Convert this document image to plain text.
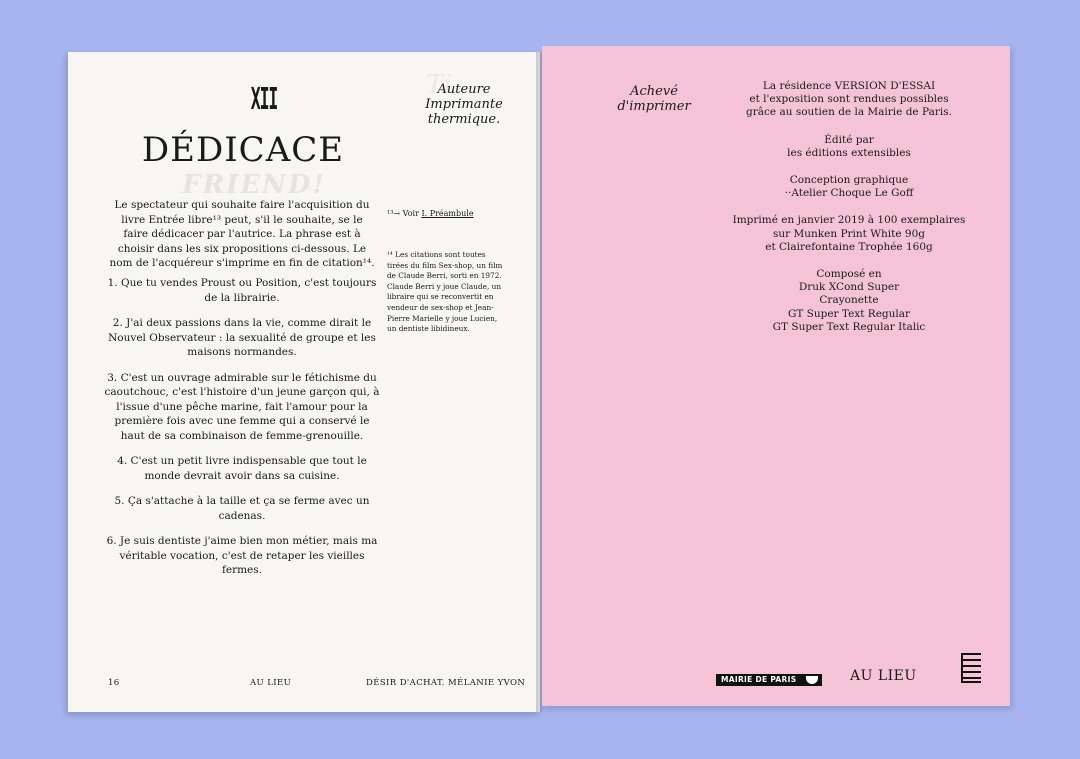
Ti
FRIEND!
XII
DÉDICACE
Auteure
Imprimante
thermique.
Le spectateur qui souhaite faire l'acquisition du livre Entrée libre¹³ peut, s'il le souhaite, se le faire dédicacer par l'autrice. La phrase est à choisir dans les six propositions ci-dessous. Le nom de l'acquéreur s'imprime en fin de citation¹⁴.
1. Que tu vendes Proust ou Position, c'est toujours de la librairie.
2. J'ai deux passions dans la vie, comme dirait le Nouvel Observateur : la sexualité de groupe et les maisons normandes.
3. C'est un ouvrage admirable sur le fétichisme du caoutchouc, c'est l'histoire d'un jeune garçon qui, à l'issue d'une pêche marine, fait l'amour pour la première fois avec une femme qui a conservé le haut de sa combinaison de femme-grenouille.
4. C'est un petit livre indispensable que tout le monde devrait avoir dans sa cuisine.
5. Ça s'attache à la taille et ça se ferme avec un cadenas.
6. Je suis dentiste j'aime bien mon métier, mais ma véritable vocation, c'est de retaper les vieilles fermes.
¹³→ Voir I. Préambule
¹⁴ Les citations sont toutes tirées du film Sex-shop, un film de Claude Berri, sorti en 1972. Claude Berri y joue Claude, un libraire qui se reconvertit en vendeur de sex-shop et Jean-Pierre Marielle y joue Lucien, un dentiste libidineux.
16	AU LIEU	DÉSIR D'ACHAT. MÉLANIE YVON
Achevé
d'imprimer
La résidence VERSION D'ESSAI
et l'exposition sont rendues possibles
grâce au soutien de la Mairie de Paris.
Édité par
les éditions extensibles
Conception graphique
··Atelier Choque Le Goff
Imprimé en janvier 2019 à 100 exemplaires
sur Munken Print White 90g
et Clairefontaine Trophée 160g
Composé en
Druk XCond Super
Crayonette
GT Super Text Regular
GT Super Text Regular Italic
MAIRIE DE PARIS	AU LIEU
